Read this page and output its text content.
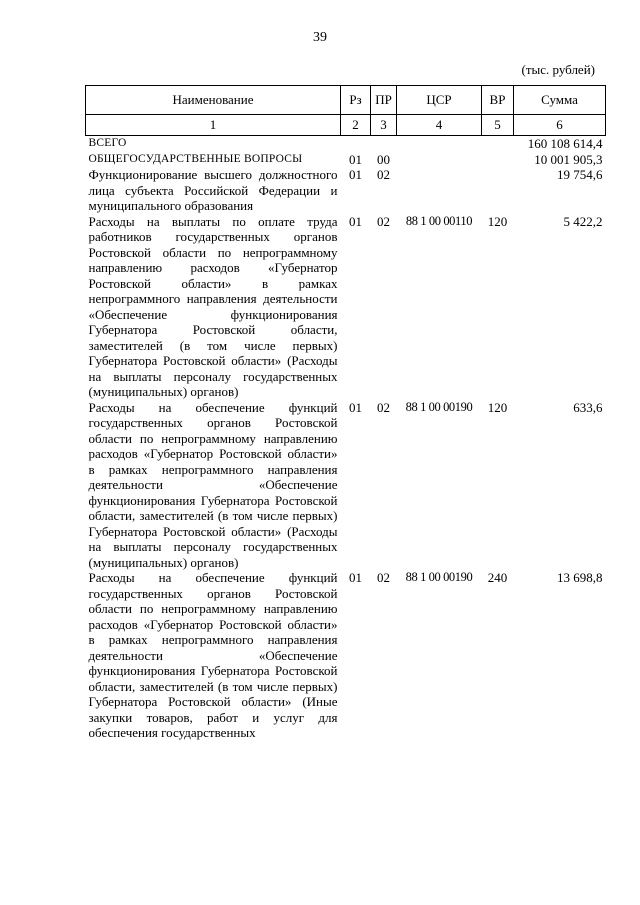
39
(тыс. рублей)
Наименование	Рз	ПР	ЦСР	ВР	Сумма
1	2	3	4	5	6
ВСЕГО					160 108 614,4
ОБЩЕГОСУДАРСТВЕННЫЕ ВОПРОСЫ	01	00			10 001 905,3
Функционирование высшего должностного лица субъекта Российской Федерации и муниципального образования	01	02			19 754,6
Расходы на выплаты по оплате труда работников государственных органов Ростовской области по непрограммному направлению расходов «Губернатор Ростовской области» в рамках непрограммного направления деятельности «Обеспечение функционирования Губернатора Ростовской области, заместителей (в том числе первых) Губернатора Ростовской области» (Расходы на выплаты персоналу государственных (муниципальных) органов)	01	02	88 1 00 00110	120	5 422,2
Расходы на обеспечение функций государственных органов Ростовской области по непрограммному направлению расходов «Губернатор Ростовской области» в рамках непрограммного направления деятельности «Обеспечение функционирования Губернатора Ростовской области, заместителей (в том числе первых) Губернатора Ростовской области» (Расходы на выплаты персоналу государственных (муниципальных) органов)	01	02	88 1 00 00190	120	633,6
Расходы на обеспечение функций государственных органов Ростовской области по непрограммному направлению расходов «Губернатор Ростовской области» в рамках непрограммного направления деятельности «Обеспечение функционирования Губернатора Ростовской области, заместителей (в том числе первых) Губернатора Ростовской области» (Иные закупки товаров, работ и услуг для обеспечения государственных	01	02	88 1 00 00190	240	13 698,8
